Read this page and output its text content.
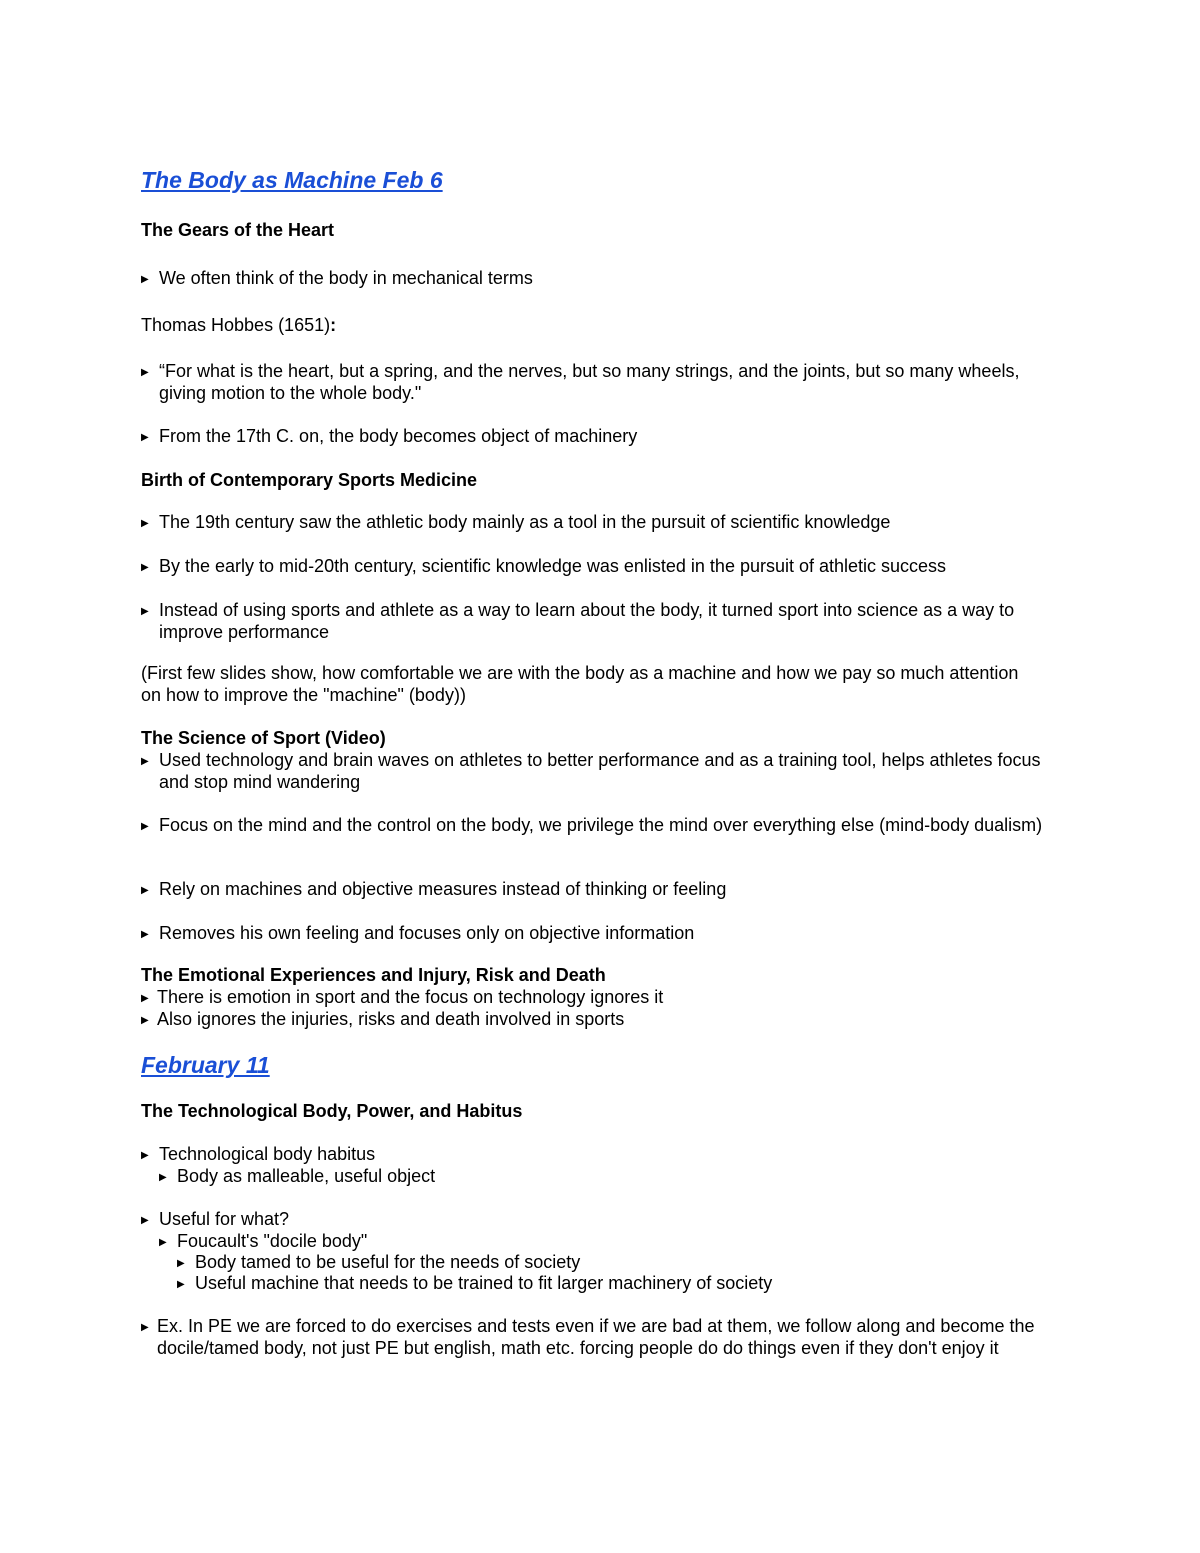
The Body as Machine Feb 6
The Gears of the Heart
▶ We often think of the body in mechanical terms
Thomas Hobbes (1651):
▶ “For what is the heart, but a spring, and the nerves, but so many strings, and the joints, but so many wheels, giving motion to the whole body."
▶ From the 17th C. on, the body becomes object of machinery
Birth of Contemporary Sports Medicine
▶ The 19th century saw the athletic body mainly as a tool in the pursuit of scientific knowledge
▶ By the early to mid-20th century, scientific knowledge was enlisted in the pursuit of athletic success
▶ Instead of using sports and athlete as a way to learn about the body, it turned sport into science as a way to improve performance
(First few slides show, how comfortable we are with the body as a machine and how we pay so much attention on how to improve the "machine" (body))
The Science of Sport (Video)
▶ Used technology and brain waves on athletes to better performance and as a training tool, helps athletes focus and stop mind wandering
▶ Focus on the mind and the control on the body, we privilege the mind over everything else (mind-body dualism)
▶ Rely on machines and objective measures instead of thinking or feeling
▶ Removes his own feeling and focuses only on objective information
The Emotional Experiences and Injury, Risk and Death
▶ There is emotion in sport and the focus on technology ignores it
▶ Also ignores the injuries, risks and death involved in sports
February 11
The Technological Body, Power, and Habitus
▶ Technological body habitus
▶ Body as malleable, useful object
▶ Useful for what?
▶ Foucault's "docile body"
▶ Body tamed to be useful for the needs of society
▶ Useful machine that needs to be trained to fit larger machinery of society
▶ Ex. In PE we are forced to do exercises and tests even if we are bad at them, we follow along and become the docile/tamed body, not just PE but english, math etc. forcing people do do things even if they don't enjoy it
